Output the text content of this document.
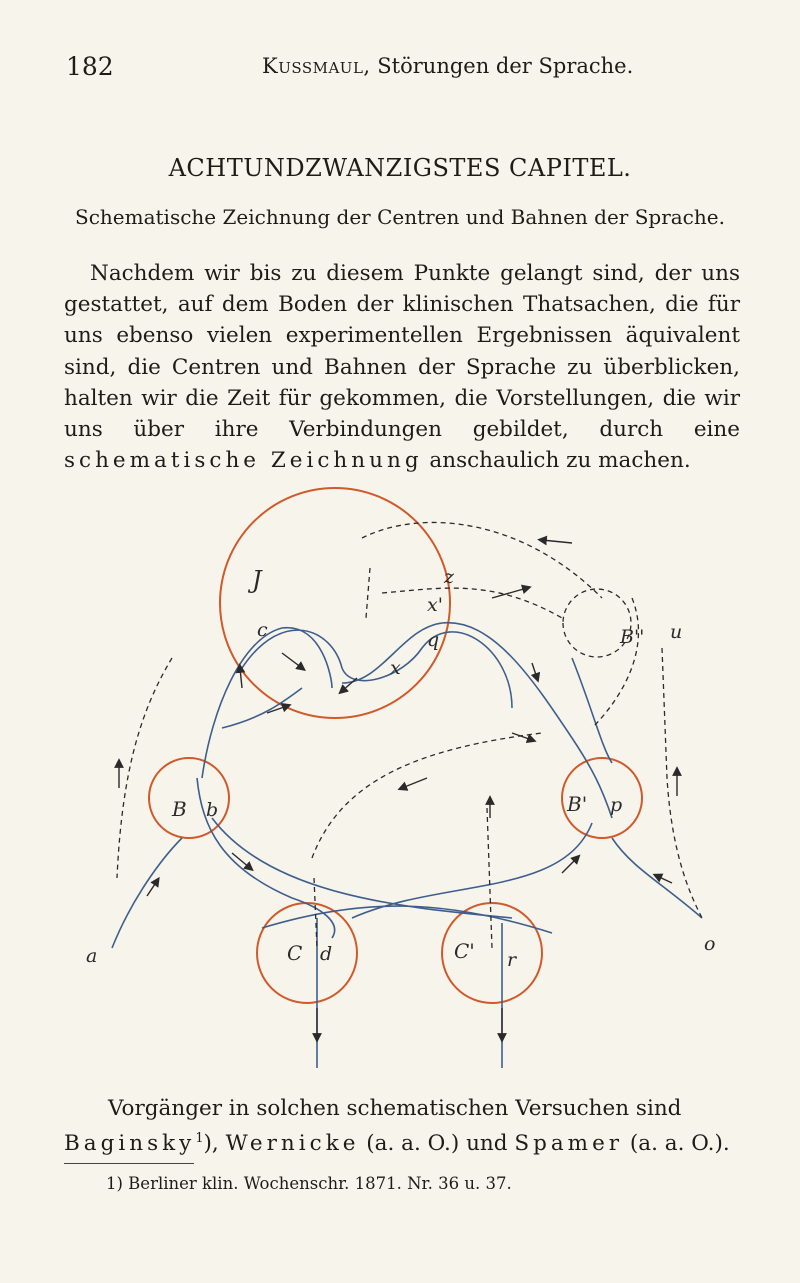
182	Kussmaul, Störungen der Sprache.
ACHTUNDZWANZIGSTES CAPITEL.
Schematische Zeichnung der Centren und Bahnen der Sprache.

Nachdem wir bis zu diesem Punkte gelangt sind, der uns gestattet, auf dem Boden der klinischen Thatsachen, die für uns ebenso vielen experimentellen Ergebnissen äquivalent sind, die Centren und Bahnen der Sprache zu überblicken, halten wir die Zeit für gekommen, die Vorstellungen, die wir uns über ihre Verbindungen gebildet, durch eine schematische Zeichnung anschaulich zu machen.

J	z
x'
c	q
x
B'' u
B b	B' p
C d	C' r
a
o

Vorgänger in solchen schematischen Versuchen sind Baginsky$^1$), Wernicke (a. a. O.) und Spamer (a. a. O.).

1) Berliner klin. Wochenschr. 1871. Nr. 36 u. 37.
